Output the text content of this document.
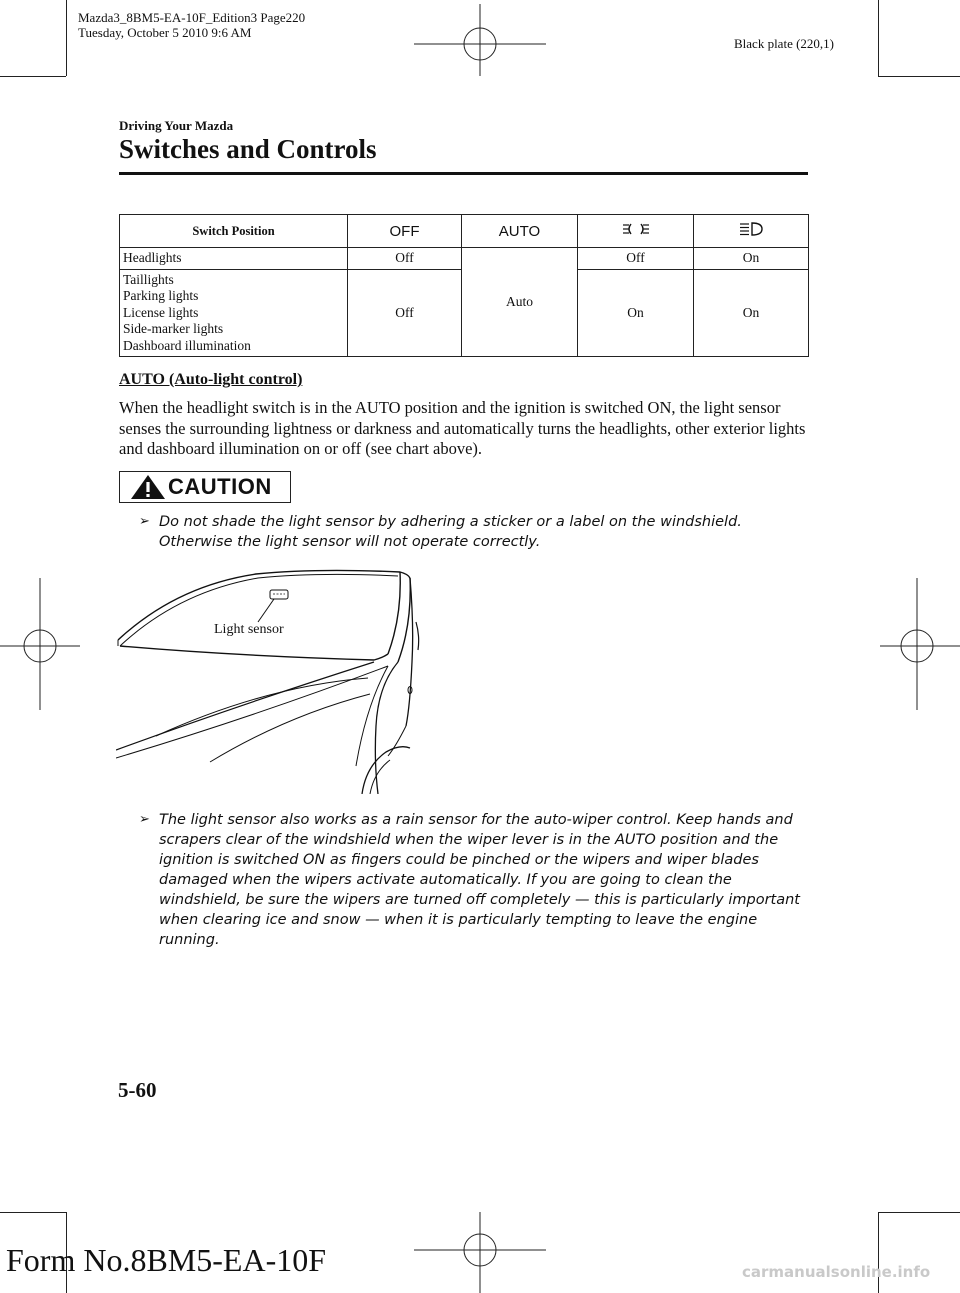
Mazda3_8BM5-EA-10F_Edition3 Page220
Tuesday, October 5 2010 9:6 AM
Black plate (220,1)
Driving Your Mazda
Switches and Controls
Switch Position	OFF	AUTO		
Headlights	Off	Auto	Off	On

Taillights
Parking lights
License lights
Side-marker lights
Dashboard illumination	Off		On	On
AUTO (Auto-light control)
When the headlight switch is in the AUTO position and the ignition is switched ON, the light sensor senses the surrounding lightness or darkness and automatically turns the headlights, other exterior lights and dashboard illumination on or off (see chart above).
CAUTION
➢ Do not shade the light sensor by adhering a sticker or a label on the windshield. Otherwise the light sensor will not operate correctly.
Light sensor
➢ The light sensor also works as a rain sensor for the auto-wiper control. Keep hands and scrapers clear of the windshield when the wiper lever is in the AUTO position and the ignition is switched ON as fingers could be pinched or the wipers and wiper blades damaged when the wipers activate automatically. If you are going to clean the windshield, be sure the wipers are turned off completely — this is particularly important when clearing ice and snow — when it is particularly tempting to leave the engine running.
5-60
Form No.8BM5-EA-10F	carmanualsonline.info
